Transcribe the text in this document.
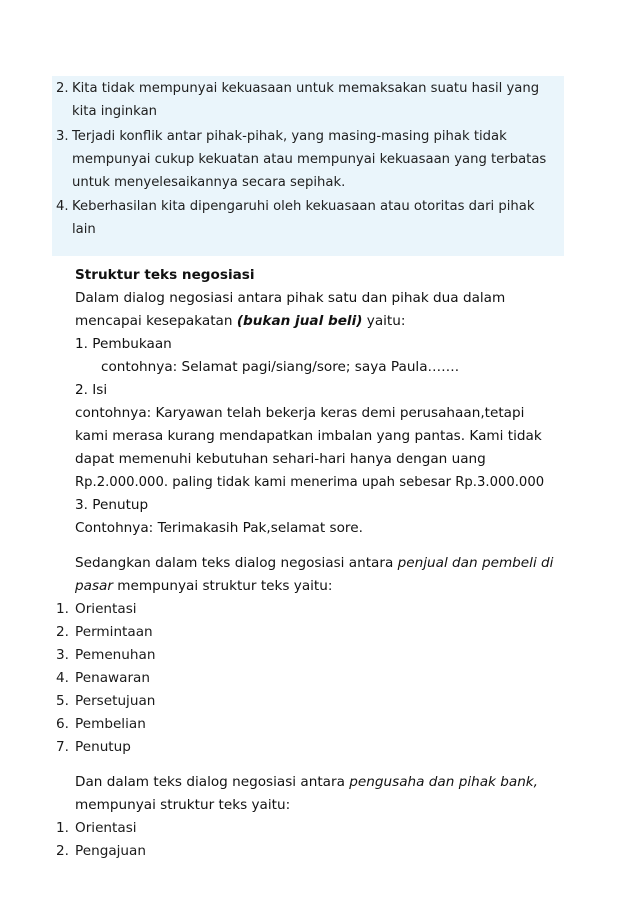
2. Kita tidak mempunyai kekuasaan untuk memaksakan suatu hasil yang
kita inginkan
3. Terjadi konflik antar pihak-pihak, yang masing-masing pihak tidak
mempunyai cukup kekuatan atau mempunyai kekuasaan yang terbatas
untuk menyelesaikannya secara sepihak.
4. Keberhasilan kita dipengaruhi oleh kekuasaan atau otoritas dari pihak
lain
Struktur teks negosiasi
Dalam dialog negosiasi antara pihak satu dan pihak dua dalam
mencapai kesepakatan (bukan jual beli) yaitu:
1. Pembukaan
contohnya: Selamat pagi/siang/sore; saya Paula…….
2. Isi
contohnya: Karyawan telah bekerja keras demi perusahaan,tetapi
kami merasa kurang mendapatkan imbalan yang pantas. Kami tidak
dapat memenuhi kebutuhan sehari-hari hanya dengan uang
Rp.2.000.000. paling tidak kami menerima upah sebesar Rp.3.000.000
3. Penutup
Contohnya: Terimakasih Pak,selamat sore.
Sedangkan dalam teks dialog negosiasi antara penjual dan pembeli di
pasar mempunyai struktur teks yaitu:
1. Orientasi
2. Permintaan
3. Pemenuhan
4. Penawaran
5. Persetujuan
6. Pembelian
7. Penutup
Dan dalam teks dialog negosiasi antara pengusaha dan pihak bank,
mempunyai struktur teks yaitu:
1. Orientasi
2. Pengajuan
